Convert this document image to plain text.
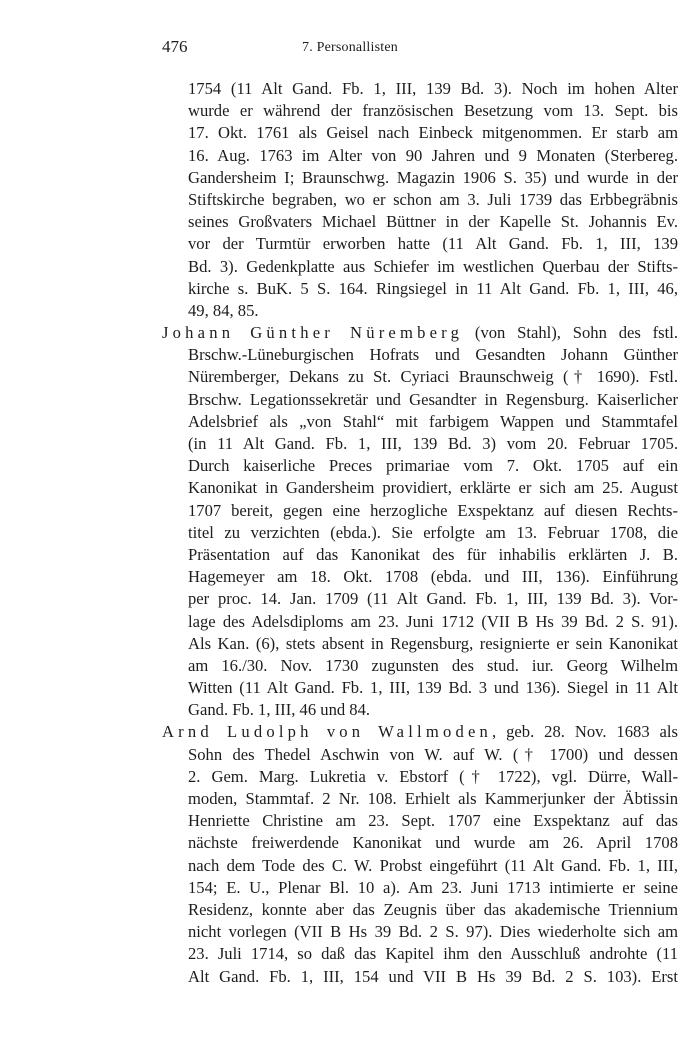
476	7. Personallisten
1754 (11 Alt Gand. Fb. 1, III, 139 Bd. 3). Noch im hohen Alter
wurde er während der französischen Besetzung vom 13. Sept. bis
17. Okt. 1761 als Geisel nach Einbeck mitgenommen. Er starb am
16. Aug. 1763 im Alter von 90 Jahren und 9 Monaten (Sterbereg.
Gandersheim I; Braunschwg. Magazin 1906 S. 35) und wurde in der
Stiftskirche begraben, wo er schon am 3. Juli 1739 das Erbbegräbnis
seines Großvaters Michael Büttner in der Kapelle St. Johannis Ev.
vor der Turmtür erworben hatte (11 Alt Gand. Fb. 1, III, 139
Bd. 3). Gedenkplatte aus Schiefer im westlichen Querbau der Stifts-
kirche s. BuK. 5 S. 164. Ringsiegel in 11 Alt Gand. Fb. 1, III, 46,
49, 84, 85.
Johann Günther Nüremberg (von Stahl), Sohn des fstl.
Brschw.-Lüneburgischen Hofrats und Gesandten Johann Günther
Nüremberger, Dekans zu St. Cyriaci Braunschweig († 1690). Fstl.
Brschw. Legationssekretär und Gesandter in Regensburg. Kaiserlicher
Adelsbrief als „von Stahl“ mit farbigem Wappen und Stammtafel
(in 11 Alt Gand. Fb. 1, III, 139 Bd. 3) vom 20. Februar 1705.
Durch kaiserliche Preces primariae vom 7. Okt. 1705 auf ein
Kanonikat in Gandersheim providiert, erklärte er sich am 25. August
1707 bereit, gegen eine herzogliche Exspektanz auf diesen Rechts-
titel zu verzichten (ebda.). Sie erfolgte am 13. Februar 1708, die
Präsentation auf das Kanonikat des für inhabilis erklärten J. B.
Hagemeyer am 18. Okt. 1708 (ebda. und III, 136). Einführung
per proc. 14. Jan. 1709 (11 Alt Gand. Fb. 1, III, 139 Bd. 3). Vor-
lage des Adelsdiploms am 23. Juni 1712 (VII B Hs 39 Bd. 2 S. 91).
Als Kan. (6), stets absent in Regensburg, resignierte er sein Kanonikat
am 16./30. Nov. 1730 zugunsten des stud. iur. Georg Wilhelm
Witten (11 Alt Gand. Fb. 1, III, 139 Bd. 3 und 136). Siegel in 11 Alt
Gand. Fb. 1, III, 46 und 84.
Arnd Ludolph von Wallmoden, geb. 28. Nov. 1683 als
Sohn des Thedel Aschwin von W. auf W. († 1700) und dessen
2. Gem. Marg. Lukretia v. Ebstorf († 1722), vgl. Dürre, Wall-
moden, Stammtaf. 2 Nr. 108. Erhielt als Kammerjunker der Äbtissin
Henriette Christine am 23. Sept. 1707 eine Exspektanz auf das
nächste freiwerdende Kanonikat und wurde am 26. April 1708
nach dem Tode des C. W. Probst eingeführt (11 Alt Gand. Fb. 1, III,
154; E. U., Plenar Bl. 10 a). Am 23. Juni 1713 intimierte er seine
Residenz, konnte aber das Zeugnis über das akademische Triennium
nicht vorlegen (VII B Hs 39 Bd. 2 S. 97). Dies wiederholte sich am
23. Juli 1714, so daß das Kapitel ihm den Ausschluß androhte (11
Alt Gand. Fb. 1, III, 154 und VII B Hs 39 Bd. 2 S. 103). Erst
